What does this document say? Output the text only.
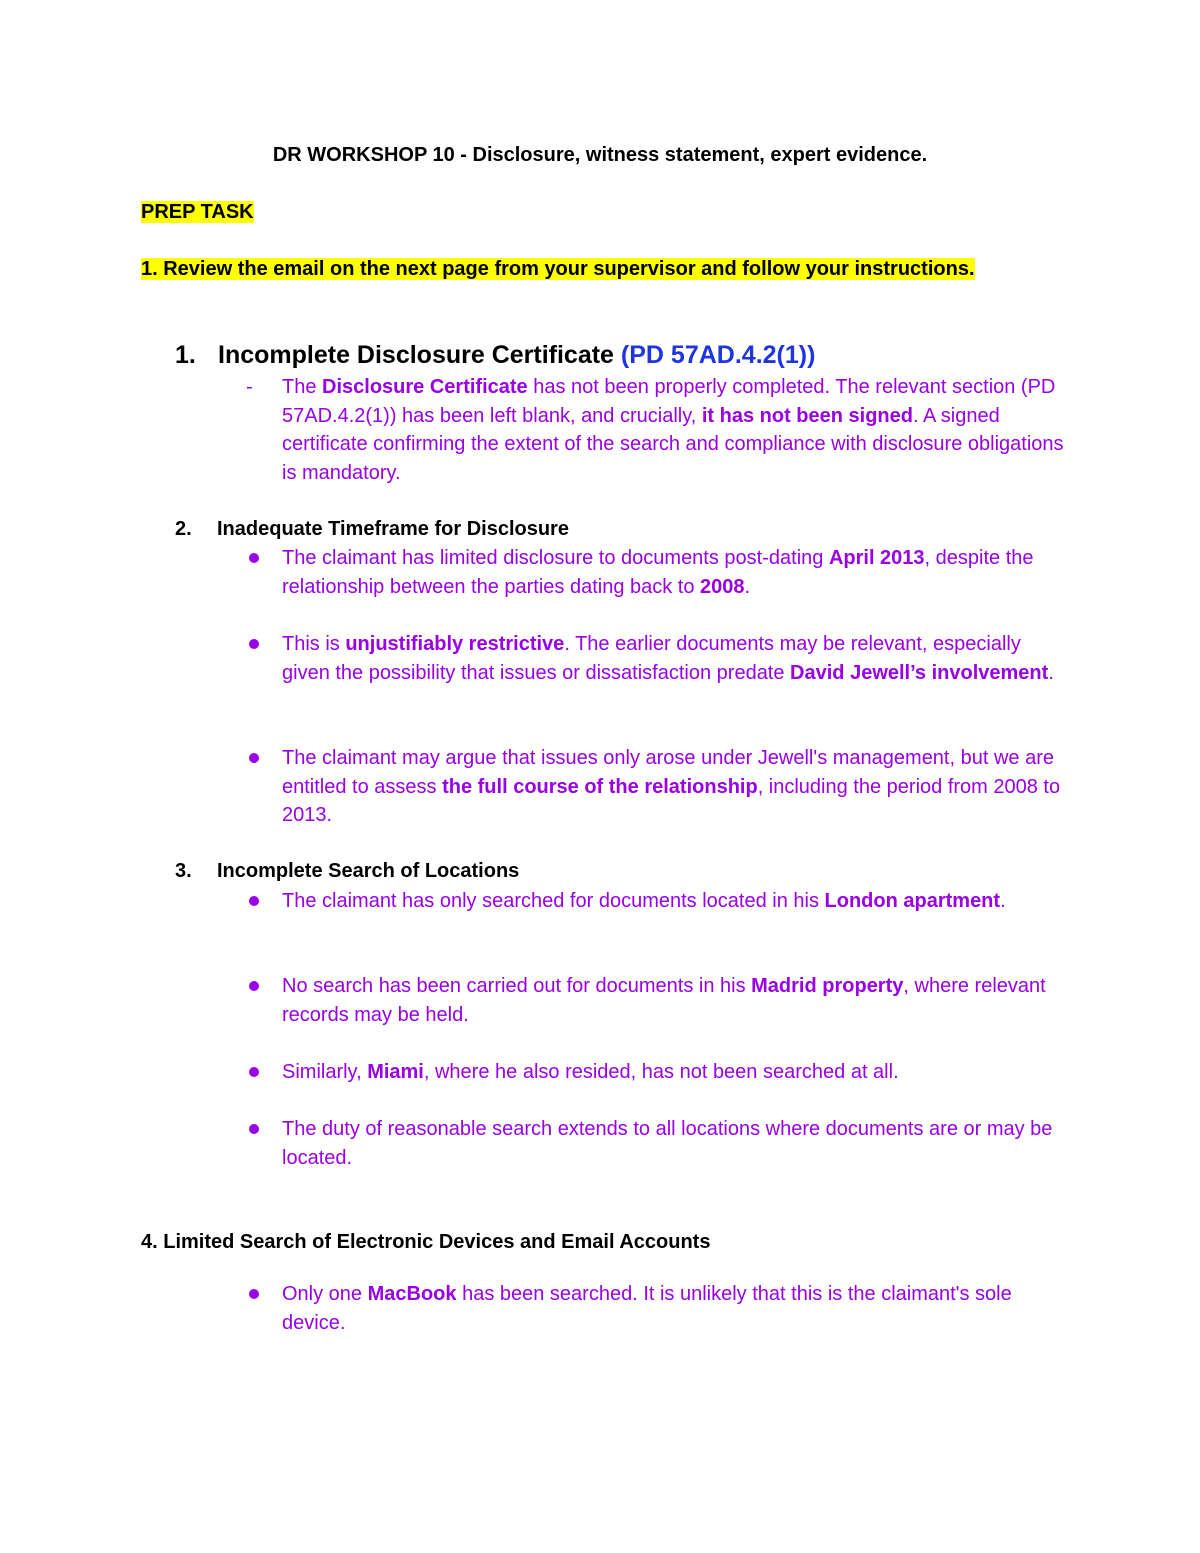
DR WORKSHOP 10 - Disclosure, witness statement, expert evidence.
PREP TASK
1. Review the email on the next page from your supervisor and follow your instructions.
1. Incomplete Disclosure Certificate (PD 57AD.4.2(1))
- The Disclosure Certificate has not been properly completed. The relevant section (PD 57AD.4.2(1)) has been left blank, and crucially, it has not been signed. A signed certificate confirming the extent of the search and compliance with disclosure obligations is mandatory.
2. Inadequate Timeframe for Disclosure
The claimant has limited disclosure to documents post-dating April 2013, despite the relationship between the parties dating back to 2008.
This is unjustifiably restrictive. The earlier documents may be relevant, especially given the possibility that issues or dissatisfaction predate David Jewell’s involvement.
The claimant may argue that issues only arose under Jewell's management, but we are entitled to assess the full course of the relationship, including the period from 2008 to 2013.
3. Incomplete Search of Locations
The claimant has only searched for documents located in his London apartment.
No search has been carried out for documents in his Madrid property, where relevant records may be held.
Similarly, Miami, where he also resided, has not been searched at all.
The duty of reasonable search extends to all locations where documents are or may be located.
4. Limited Search of Electronic Devices and Email Accounts
Only one MacBook has been searched. It is unlikely that this is the claimant's sole device.
